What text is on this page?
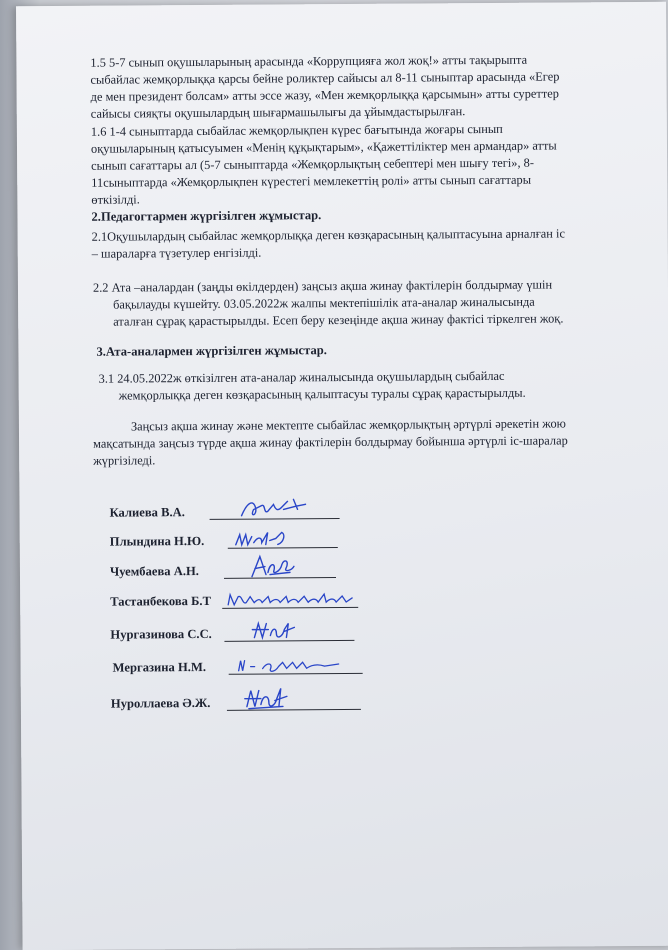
1.5 5-7 сынып оқушыларының арасында «Коррупцияға жол жоқ!» атты тақырыпта

сыбайлас жемқорлыққа қарсы бейне роликтер сайысы ал 8-11 сыныптар арасында «Егер

де мен президент болсам» атты эссе жазу, «Мен жемқорлыққа қарсымын» атты суреттер

сайысы сияқты оқушылардың шығармашылығы да ұйымдастырылған.

1.6 1-4 сыныптарда сыбайлас жемқорлықпен күрес бағытында жоғары сынып

оқушыларының қатысуымен «Менің құқықтарым», «Қажеттіліктер мен армандар» атты

сынып сағаттары ал (5-7 сыныптарда «Жемқорлықтың себептері мен шығу тегі», 8-

11сыныптарда «Жемқорлықпен күрестегі мемлекеттің ролі» атты сынып сағаттары

өткізілді.

2.Педагогтармен жүргізілген жұмыстар.

2.1Оқушылардың сыбайлас жемқорлыққа деген көзқарасының қалыптасуына арналған іс

– шараларға түзетулер енгізілді.

2.2 Ата –аналардан (заңды өкілдерден) заңсыз ақша жинау фактілерін болдырмау үшін

бақылауды күшейту. 03.05.2022ж жалпы мектепішілік ата-аналар жиналысында

аталған сұрақ қарастырылды. Есеп беру кезеңінде ақша жинау фактісі тіркелген жоқ.

3.Ата-аналармен жүргізілген жұмыстар.

3.1 24.05.2022ж өткізілген ата-аналар жиналысында оқушылардың сыбайлас

жемқорлыққа деген көзқарасының қалыптасуы туралы сұрақ қарастырылды.

Заңсыз ақша жинау және мектепте сыбайлас жемқорлықтың әртүрлі әрекетін жою

мақсатында заңсыз түрде ақша жинау фактілерін болдырмау бойынша әртүрлі іс-шаралар

жүргізіледі.

Калиева В.А.
Плындина Н.Ю.
Чуембаева А.Н.
Тастанбекова Б.Т
Нургазинова С.С.
Мергазина Н.М.
Нуроллаева Ә.Ж.
